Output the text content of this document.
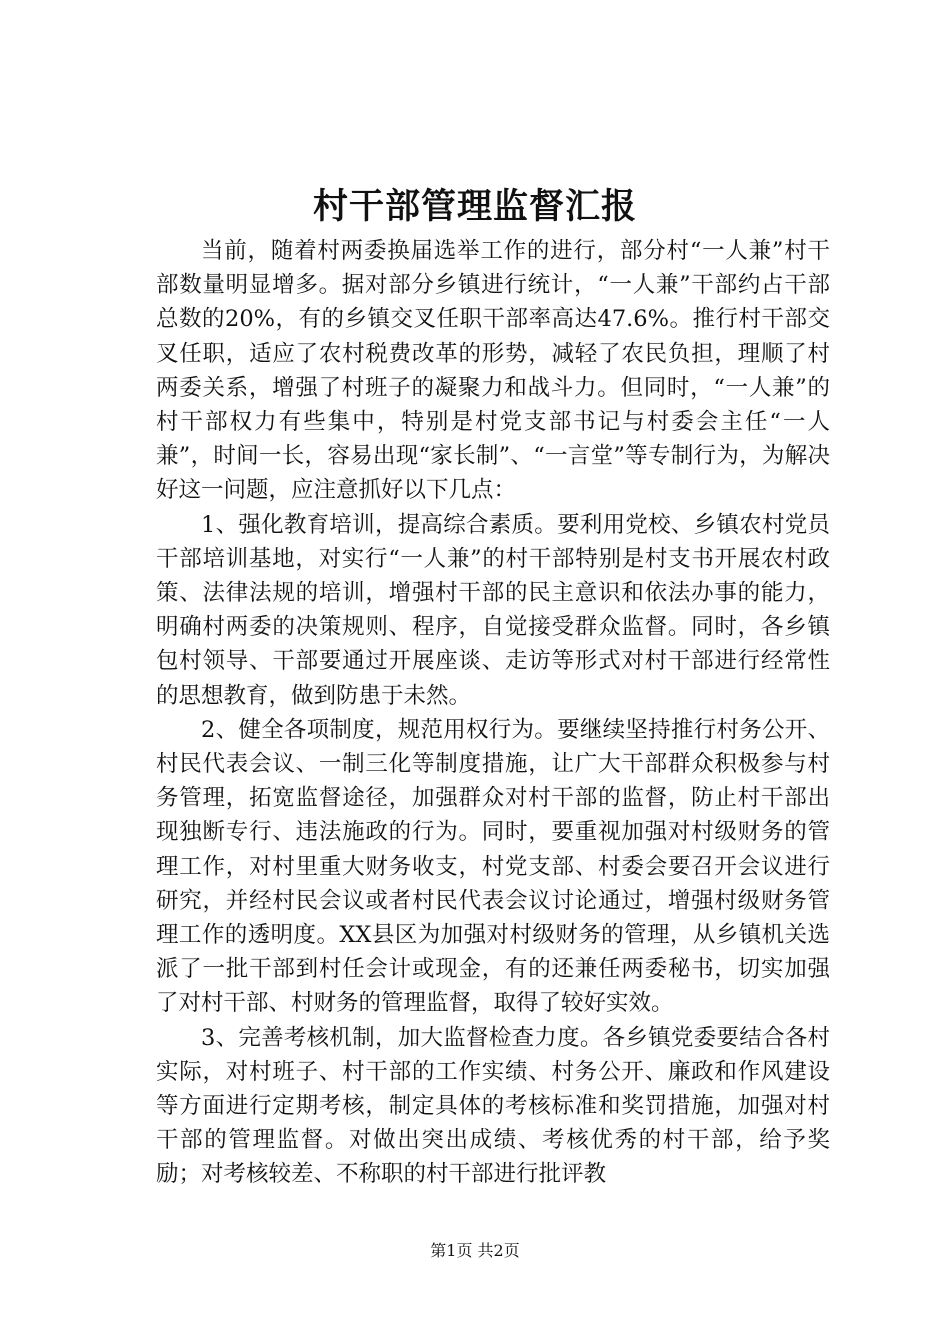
村干部管理监督汇报

当前，随着村两委换届选举工作的进行，部分村“一人兼”村干部数量明显增多。据对部分乡镇进行统计，“一人兼”干部约占干部总数的20%，有的乡镇交叉任职干部率高达47.6%。推行村干部交叉任职，适应了农村税费改革的形势，减轻了农民负担，理顺了村两委关系，增强了村班子的凝聚力和战斗力。但同时，“一人兼”的村干部权力有些集中，特别是村党支部书记与村委会主任“一人兼”，时间一长，容易出现“家长制”、“一言堂”等专制行为，为解决好这一问题，应注意抓好以下几点：

1、强化教育培训，提高综合素质。要利用党校、乡镇农村党员干部培训基地，对实行“一人兼”的村干部特别是村支书开展农村政策、法律法规的培训，增强村干部的民主意识和依法办事的能力，明确村两委的决策规则、程序，自觉接受群众监督。同时，各乡镇包村领导、干部要通过开展座谈、走访等形式对村干部进行经常性的思想教育，做到防患于未然。

2、健全各项制度，规范用权行为。要继续坚持推行村务公开、村民代表会议、一制三化等制度措施，让广大干部群众积极参与村务管理，拓宽监督途径，加强群众对村干部的监督，防止村干部出现独断专行、违法施政的行为。同时，要重视加强对村级财务的管理工作，对村里重大财务收支，村党支部、村委会要召开会议进行研究，并经村民会议或者村民代表会议讨论通过，增强村级财务管理工作的透明度。XX县区为加强对村级财务的管理，从乡镇机关选派了一批干部到村任会计或现金，有的还兼任两委秘书，切实加强了对村干部、村财务的管理监督，取得了较好实效。

3、完善考核机制，加大监督检查力度。各乡镇党委要结合各村实际，对村班子、村干部的工作实绩、村务公开、廉政和作风建设等方面进行定期考核，制定具体的考核标准和奖罚措施，加强对村干部的管理监督。对做出突出成绩、考核优秀的村干部，给予奖励；对考核较差、不称职的村干部进行批评教

第1页 共2页
